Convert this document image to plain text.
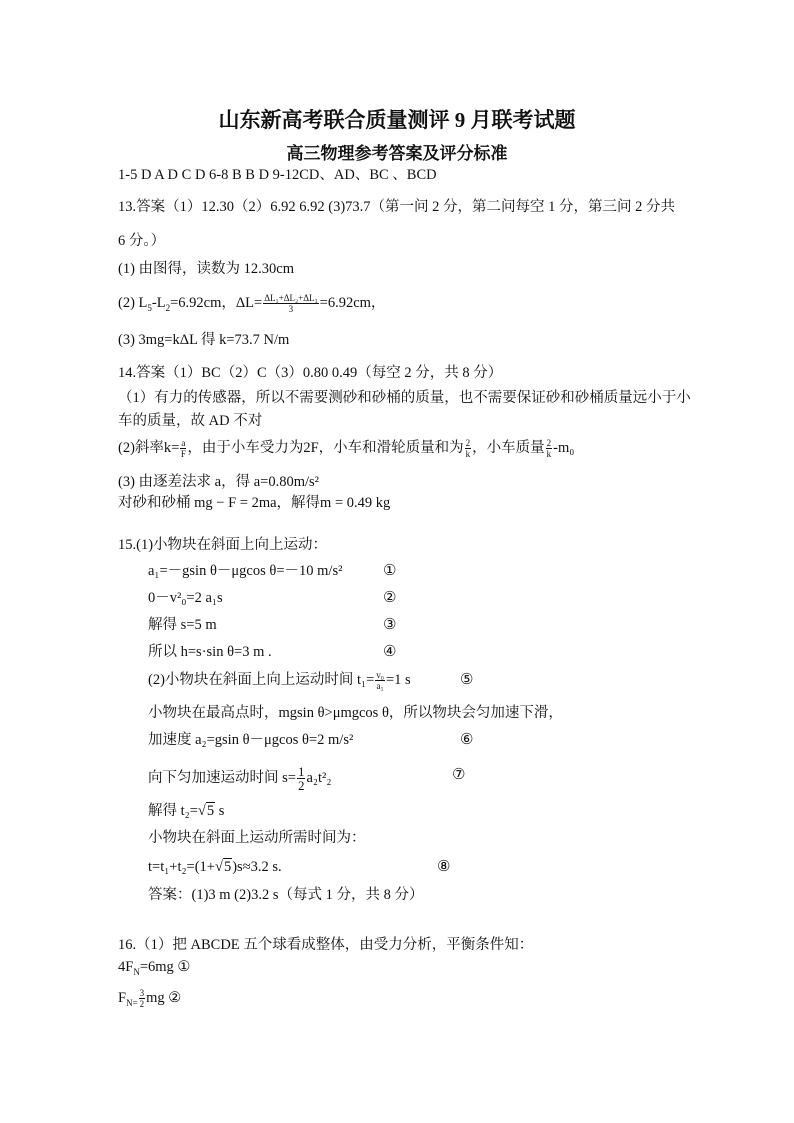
山东新高考联合质量测评 9 月联考试题
高三物理参考答案及评分标准
1-5 D A D C D 6-8 B B D 9-12CD、AD、BC 、BCD
13.答案（1）12.30（2）6.92 6.92 (3)73.7（第一问 2 分，第二问每空 1 分，第三问 2 分共
6 分。）
(1) 由图得，读数为 12.30cm
(2) $L_5-L_2=6.92cm$，$\Delta L= \frac{\text{ΔL₁+ΔL₂+ΔL₃}}{3} =6.92cm$，
(3) 3mg=kΔL 得 k=73.7 N/m
14.答案（1）BC（2）C（3）0.80 0.49（每空 2 分，共 8 分）
（1）有力的传感器，所以不需要测砂和砂桶的质量，也不需要保证砂和砂桶质量远小于小
车的质量，故 AD 不对
(2)斜率$k= \frac{a}{F}$ ，由于小车受力为2F，小车和滑轮质量和为 $\frac{2}{k}$ ，小车质量 $\frac{2}{k} -m_0$
(3) 由逐差法求 a，得 a=0.80m/s²
对砂和砂桶 mg − F = 2ma，解得m = 0.49 kg
15.(1)小物块在斜面上向上运动：
a₁=－gsin θ－μgcos θ=－10 m/s²	①
0－v²₀=2 a₁s	②
解得 s=5 m	③
所以 h=s·sin θ=3 m .	④
(2)小物块在斜面上向上运动时间 $t_1= \frac{\text{v₀}}{\text{a₁}} =1$ s	⑤
小物块在最高点时，mgsin θ>μmgcos θ，所以物块会匀加速下滑，
加速度 a₂=gsin θ－μgcos θ=2 m/s²	⑥
向下匀加速运动时间 $s= \frac{1}{2} a_2t^2_2$	⑦
解得 t₂=√5 s
小物块在斜面上运动所需时间为：
t=t₁+t₂=(1+√5)s≈3.2 s.	⑧
答案：(1)3 m (2)3.2 s（每式 1 分，共 8 分）
16.（1）把 ABCDE 五个球看成整体，由受力分析，平衡条件知：
$4F_N=6mg$ ①
$F_{N=} \frac{3}{2}$ mg ②
